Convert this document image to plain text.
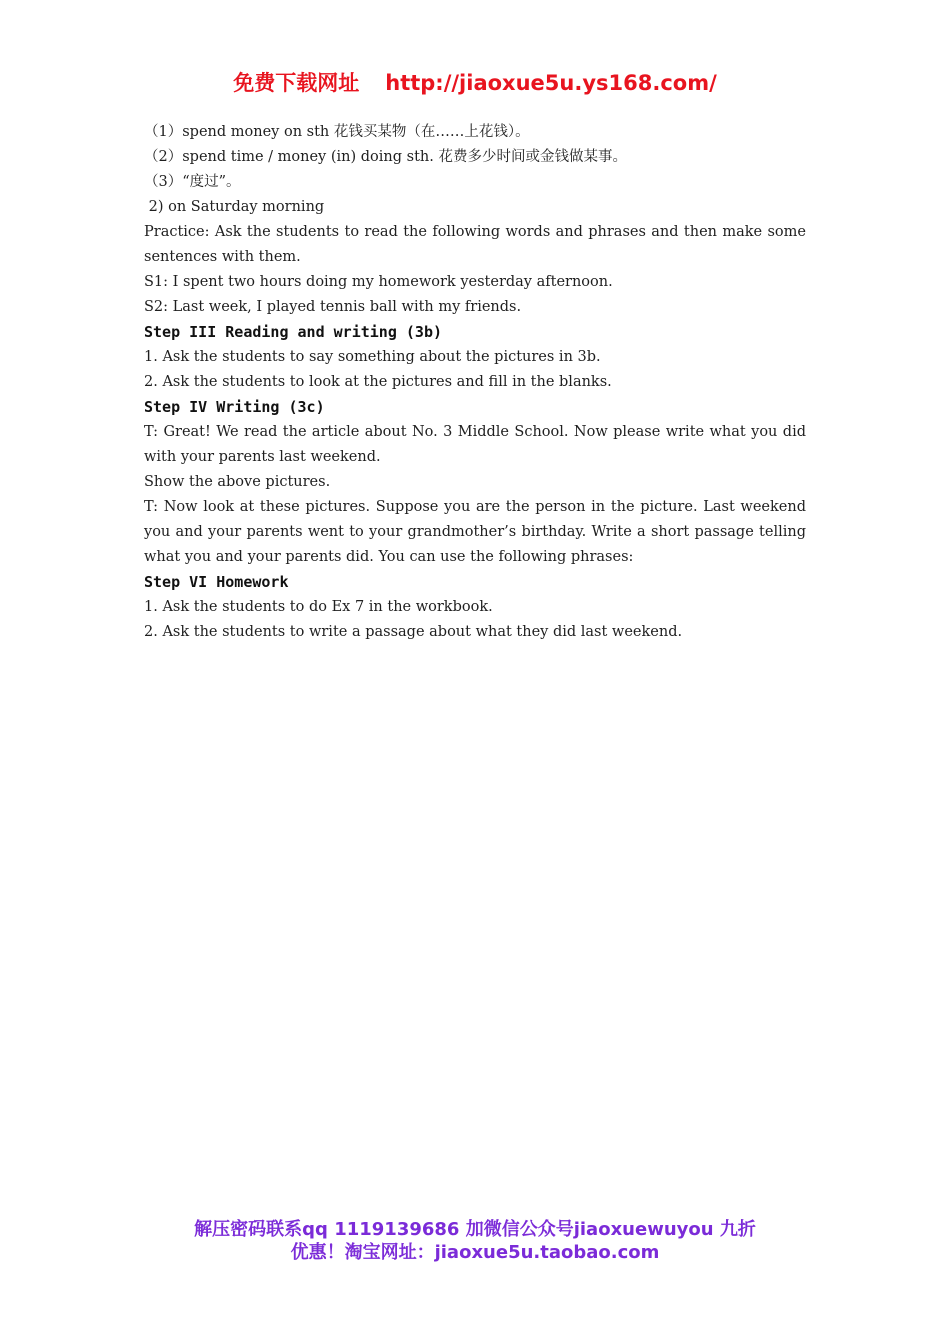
免费下载网址 http://jiaoxue5u.ys168.com/
（1）spend money on sth 花钱买某物（在……上花钱）。
（2）spend time / money (in) doing sth. 花费多少时间或金钱做某事。
（3）“度过”。
2) on Saturday morning
Practice: Ask the students to read the following words and phrases and then make some sentences with them.
S1: I spent two hours doing my homework yesterday afternoon.
S2: Last week, I played tennis ball with my friends.
Step III Reading and writing (3b)
1. Ask the students to say something about the pictures in 3b.
2. Ask the students to look at the pictures and fill in the blanks.
Step IV Writing (3c)
T: Great! We read the article about No. 3 Middle School. Now please write what you did with your parents last weekend.
Show the above pictures.
T: Now look at these pictures. Suppose you are the person in the picture. Last weekend you and your parents went to your grandmother’s birthday. Write a short passage telling what you and your parents did. You can use the following phrases:
Step VI Homework
1. Ask the students to do Ex 7 in the workbook.
2. Ask the students to write a passage about what they did last weekend.
解压密码联系qq 1119139686 加微信公众号jiaoxuewuyou 九折
优惠！淘宝网址：jiaoxue5u.taobao.com
